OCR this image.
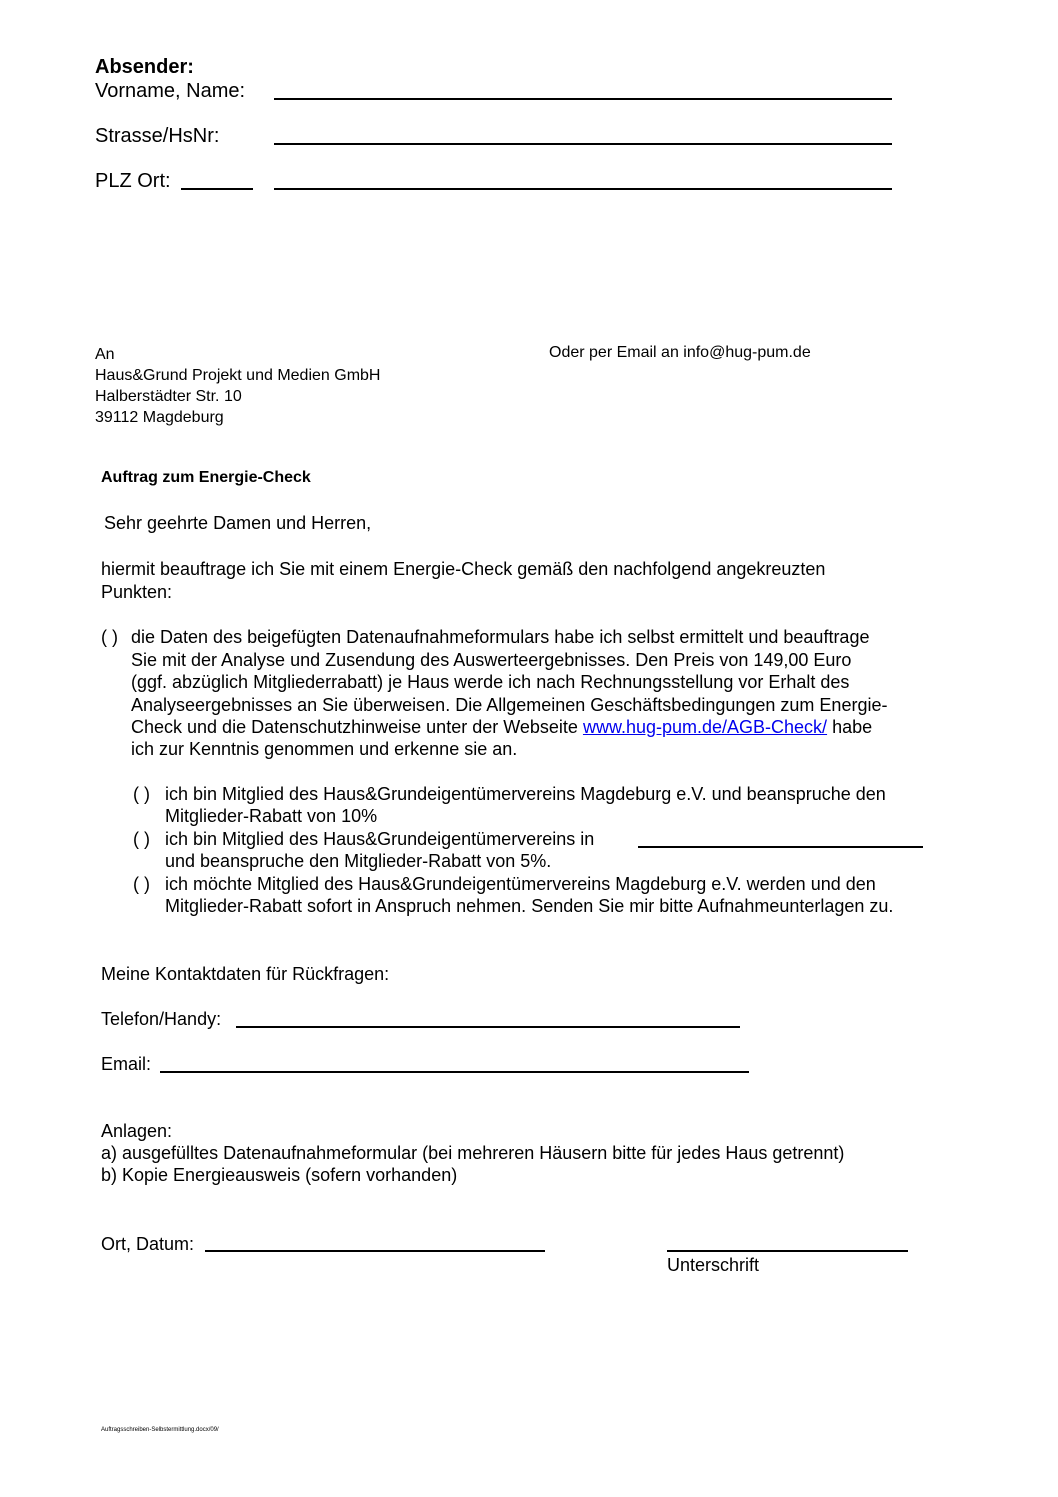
Absender:
Vorname, Name:
Strasse/HsNr:
PLZ Ort:
An
Haus&Grund Projekt und Medien GmbH
Halberstädter Str. 10
39112 Magdeburg
Oder per Email an info@hug-pum.de
Auftrag zum Energie-Check
Sehr geehrte Damen und Herren,
hiermit beauftrage ich Sie mit einem Energie-Check gemäß den nachfolgend angekreuzten
Punkten:
( ) die Daten des beigefügten Datenaufnahmeformulars habe ich selbst ermittelt und beauftrage
Sie mit der Analyse und Zusendung des Auswerteergebnisses. Den Preis von 149,00 Euro
(ggf. abzüglich Mitgliederrabatt) je Haus werde ich nach Rechnungsstellung vor Erhalt des
Analyseergebnisses an Sie überweisen. Die Allgemeinen Geschäftsbedingungen zum Energie-
Check und die Datenschutzhinweise unter der Webseite www.hug-pum.de/AGB-Check/ habe
ich zur Kenntnis genommen und erkenne sie an.
( ) ich bin Mitglied des Haus&Grundeigentümervereins Magdeburg e.V. und beanspruche den
Mitglieder-Rabatt von 10%
( ) ich bin Mitglied des Haus&Grundeigentümervereins in
und beanspruche den Mitglieder-Rabatt von 5%.
( ) ich möchte Mitglied des Haus&Grundeigentümervereins Magdeburg e.V. werden und den
Mitglieder-Rabatt sofort in Anspruch nehmen. Senden Sie mir bitte Aufnahmeunterlagen zu.
Meine Kontaktdaten für Rückfragen:
Telefon/Handy:
Email:
Anlagen:
a) ausgefülltes Datenaufnahmeformular (bei mehreren Häusern bitte für jedes Haus getrennt)
b) Kopie Energieausweis (sofern vorhanden)
Ort, Datum:
Unterschrift
Auftragsschreiben-Selbstermittlung.docx/09/
